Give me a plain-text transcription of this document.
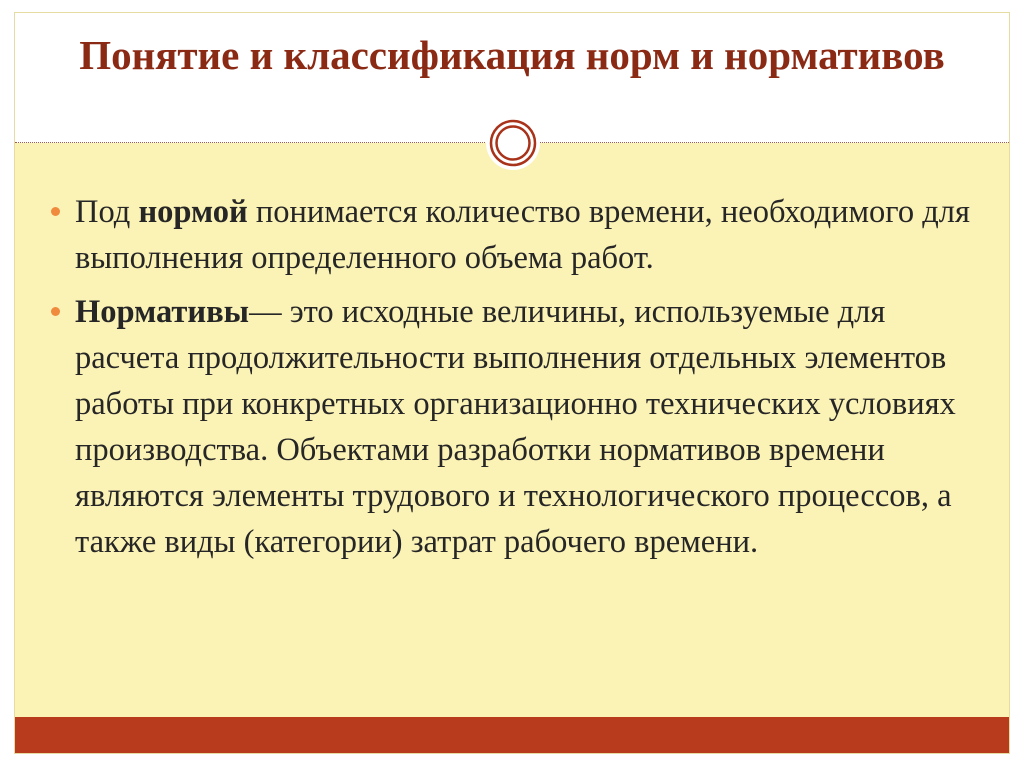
Понятие и классификация норм и нормативов

Под нормой понимается количество времени, необходимого для выполнения определенного объема работ.

Нормативы— это исходные величины, используемые для расчета продолжительности выполнения отдельных элементов работы при конкретных организационно технических условиях производства. Объектами разработки нормативов времени являются элементы трудового и технологического процессов, а также виды (категории) затрат рабочего времени.
